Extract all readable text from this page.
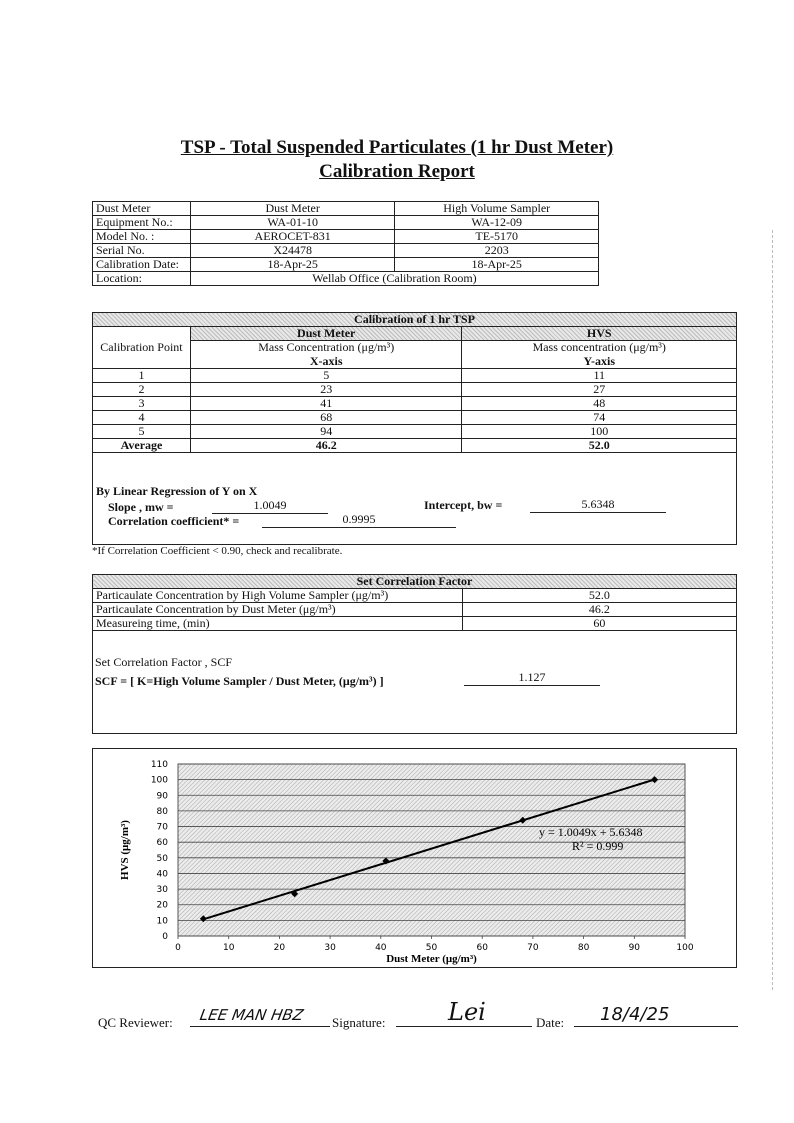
TSP - Total Suspended Particulates (1 hr Dust Meter)
Calibration Report
Dust Meter	Dust Meter	High Volume Sampler
Equipment No.:	WA-01-10	WA-12-09
Model No. :	AEROCET-831	TE-5170
Serial No.	X24478	2203
Calibration Date:	18-Apr-25	18-Apr-25
Location:	Wellab Office (Calibration Room)	
Calibration of 1 hr TSP		
Calibration Point	Dust Meter	HVS
	Mass Concentration (μg/m³)	Mass concentration (μg/m³)
	X-axis	Y-axis
1	5	11
2	23	27
3	41	48
4	68	74
5	94	100
Average	46.2	52.0
By Linear Regression of Y on X
Slope , mw =	1.0049	Intercept, bw =	5.6348
Correlation coefficient* =	0.9995
*If Correlation Coefficient < 0.90, check and recalibrate.
Set Correlation Factor	
Particaulate Concentration by High Volume Sampler (μg/m³)	52.0
Particaulate Concentration by Dust Meter (μg/m³)	46.2
Measureing time, (min)	60
Set Correlation Factor , SCF
SCF = [ K=High Volume Sampler / Dust Meter, (μg/m³) ]	1.127
0
10
20
30
40
50
60
70
80
90
100
110
0	10	20	30	40	50	60	70	80	90	100
y = 1.0049x + 5.6348
R² = 0.999
Dust Meter (μg/m³)
HVS (μg/m³)
QC Reviewer: LEE MAN HBZ Signature:	Lei	Date: 18/4/25
